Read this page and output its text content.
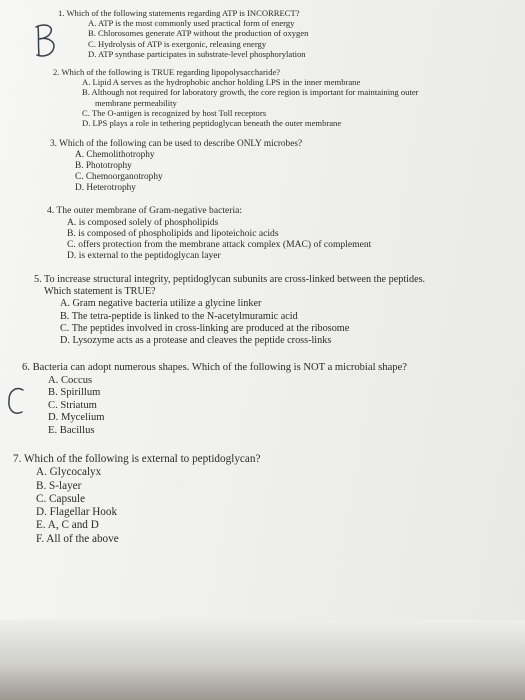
1. Which of the following statements regarding ATP is INCORRECT?
A. ATP is the most commonly used practical form of energy
B. Chlorosomes generate ATP without the production of oxygen
C. Hydrolysis of ATP is exergonic, releasing energy
D. ATP synthase participates in substrate-level phosphorylation
2. Which of the following is TRUE regarding lipopolysaccharide?
A. Lipid A serves as the hydrophobic anchor holding LPS in the inner membrane
B. Although not required for laboratory growth, the core region is important for maintaining outer
membrane permeability
C. The O-antigen is recognized by host Toll receptors
D. LPS plays a role in tethering peptidoglycan beneath the outer membrane
3. Which of the following can be used to describe ONLY microbes?
A. Chemolithotrophy
B. Phototrophy
C. Chemoorganotrophy
D. Heterotrophy
4. The outer membrane of Gram-negative bacteria:
A. is composed solely of phospholipids
B. is composed of phospholipids and lipoteichoic acids
C. offers protection from the membrane attack complex (MAC) of complement
D. is external to the peptidoglycan layer
5. To increase structural integrity, peptidoglycan subunits are cross-linked between the peptides.
Which statement is TRUE?
A. Gram negative bacteria utilize a glycine linker
B. The tetra-peptide is linked to the N-acetylmuramic acid
C. The peptides involved in cross-linking are produced at the ribosome
D. Lysozyme acts as a protease and cleaves the peptide cross-links
6. Bacteria can adopt numerous shapes. Which of the following is NOT a microbial shape?
A. Coccus
B. Spirillum
C. Striatum
D. Mycelium
E. Bacillus
7. Which of the following is external to peptidoglycan?
A. Glycocalyx
B. S-layer
C. Capsule
D. Flagellar Hook
E. A, C and D
F. All of the above
